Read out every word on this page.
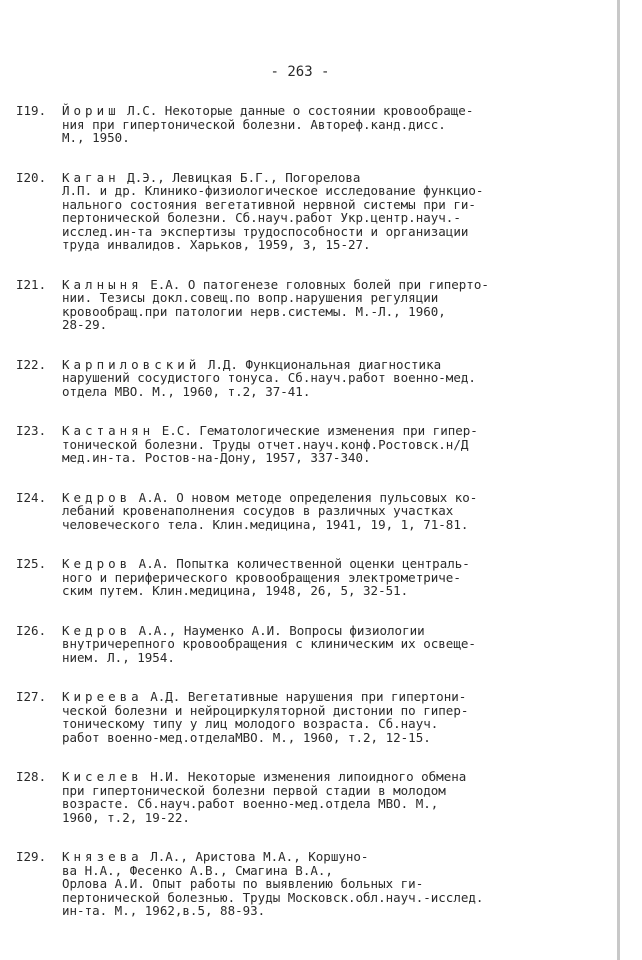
- 263 -
I19.	Йориш Л.С. Некоторые данные о состоянии кровообраще-
ния при гипертонической болезни. Автореф.канд.дисс.
М., 1950.
I20.	Каган Д.Э., Левицкая Б.Г., Погорелова
Л.П. и др. Клинико-физиологическое исследование функцио-
нального состояния вегетативной нервной системы при ги-
пертонической болезни. Сб.науч.работ Укр.центр.науч.-
исслед.ин-та экспертизы трудоспособности и организации
труда инвалидов. Харьков, 1959, 3, 15-27.
I21.	Калныня Е.А. О патогенезе головных болей при гиперто-
нии. Тезисы докл.совещ.по вопр.нарушения регуляции
кровообращ.при патологии нерв.системы. М.-Л., 1960,
28-29.
I22.	Карпиловский Л.Д. Функциональная диагностика
нарушений сосудистого тонуса. Сб.науч.работ военно-мед.
отдела МВО. М., 1960, т.2, 37-41.
I23.	Кастанян Е.С. Гематологические изменения при гипер-
тонической болезни. Труды отчет.науч.конф.Ростовск.н/Д
мед.ин-та. Ростов-на-Дону, 1957, 337-340.
I24.	Кедров А.А. О новом методе определения пульсовых ко-
лебаний кровенаполнения сосудов в различных участках
человеческого тела. Клин.медицина, 1941, 19, 1, 71-81.
I25.	Кедров А.А. Попытка количественной оценки централь-
ного и периферического кровообращения электрометриче-
ским путем. Клин.медицина, 1948, 26, 5, 32-51.
I26.	Кедров А.А., Науменко А.И. Вопросы физиологии
внутричерепного кровообращения с клиническим их освеще-
нием. Л., 1954.
I27.	Киреева А.Д. Вегетативные нарушения при гипертони-
ческой болезни и нейроциркуляторной дистонии по гипер-
тоническому типу у лиц молодого возраста. Сб.науч.
работ военно-мед.отделаМВО. М., 1960, т.2, 12-15.
I28.	Киселев Н.И. Некоторые изменения липоидного обмена
при гипертонической болезни первой стадии в молодом
возрасте. Сб.науч.работ военно-мед.отдела МВО. М.,
1960, т.2, 19-22.
I29.	Князева Л.А., Аристова М.А., Коршуно-
ва Н.А., Фесенко А.В., Смагина В.А.,
Орлова А.И. Опыт работы по выявлению больных ги-
пертонической болезнью. Труды Московск.обл.науч.-исслед.
ин-та. М., 1962,в.5, 88-93.
